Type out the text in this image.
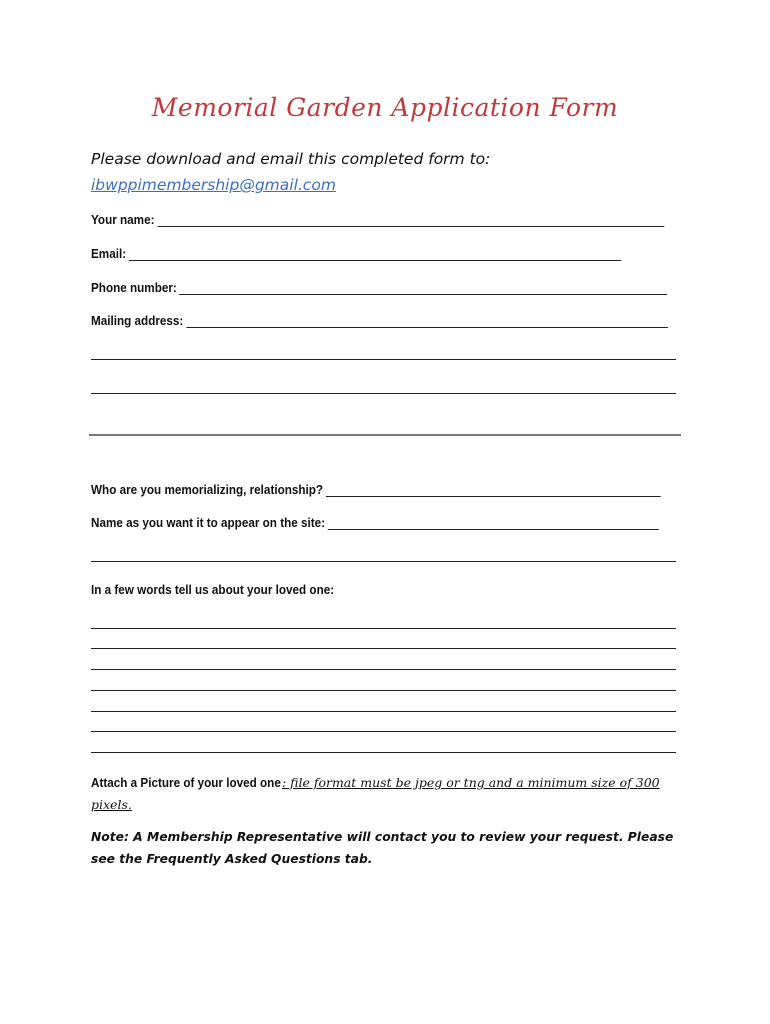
Memorial Garden Application Form
Please download and email this completed form to:
ibwppimembership@gmail.com
Your name:
Email:
Phone number:
Mailing address:
Who are you memorializing, relationship?
Name as you want it to appear on the site:
In a few words tell us about your loved one:
Attach a Picture of your loved one: file format must be jpeg or tng and a minimum size of 300 pixels.
Note: A Membership Representative will contact you to review your request. Please see the Frequently Asked Questions tab.
